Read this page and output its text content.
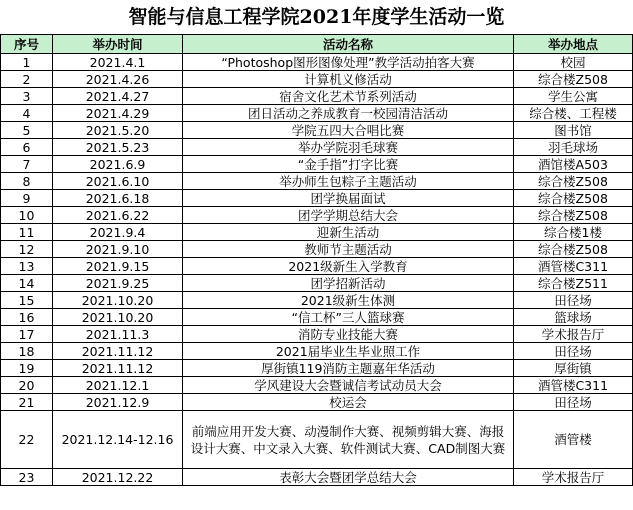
智能与信息工程学院2021年度学生活动一览
序号	举办时间	活动名称	举办地点
1	2021.4.1	“Photoshop图形图像处理”教学活动拍客大赛	校园
2	2021.4.26	计算机义修活动	综合楼Z508
3	2021.4.27	宿舍文化艺术节系列活动	学生公寓
4	2021.4.29	团日活动之养成教育一校园清洁活动	综合楼、工程楼
5	2021.5.20	学院五四大合唱比赛	图书馆
6	2021.5.23	举办学院羽毛球赛	羽毛球场
7	2021.6.9	“金手指”打字比赛	酒馆楼A503
8	2021.6.10	举办师生包粽子主题活动	综合楼Z508
9	2021.6.18	团学换届面试	综合楼Z508
10	2021.6.22	团学学期总结大会	综合楼Z508
11	2021.9.4	迎新生活动	综合楼1楼
12	2021.9.10	教师节主题活动	综合楼Z508
13	2021.9.15	2021级新生入学教育	酒管楼C311
14	2021.9.25	团学招新活动	综合楼Z511
15	2021.10.20	2021级新生体测	田径场
16	2021.10.20	“信工杯”三人篮球赛	篮球场
17	2021.11.3	消防专业技能大赛	学术报告厅
18	2021.11.12	2021届毕业生毕业照工作	田径场
19	2021.11.12	厚街镇119消防主题嘉年华活动	厚街镇
20	2021.12.1	学风建设大会暨诚信考试动员大会	酒管楼C311
21	2021.12.9	校运会	田径场
22	2021.12.14-12.16	前端应用开发大赛、动漫制作大赛、视频剪辑大赛、海报设计大赛、中文录入大赛、软件测试大赛、CAD制图大赛	酒管楼
23	2021.12.22	表彰大会暨团学总结大会	学术报告厅
